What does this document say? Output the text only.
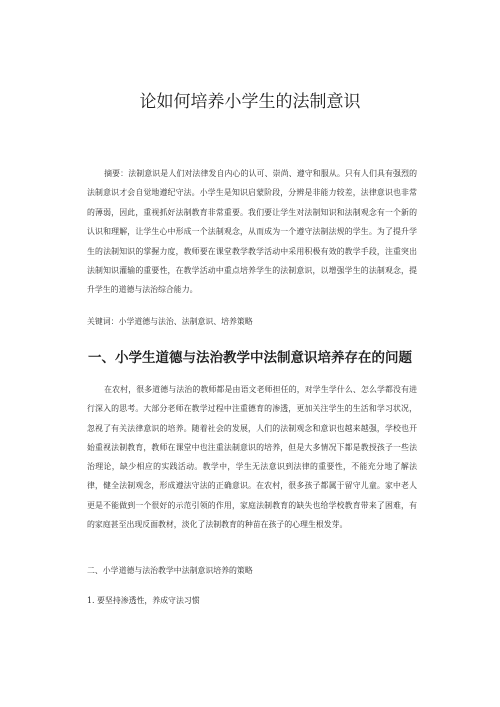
论如何培养小学生的法制意识

摘要：法制意识是人们对法律发自内心的认可、崇尚、遵守和服从。只有人们具有强烈的法制意识才会自觉地遵纪守法。小学生是知识启蒙阶段，分辨是非能力较差，法律意识也非常的薄弱，因此，重视抓好法制教育非常重要。我们要让学生对法制知识和法制观念有一个新的认识和理解，让学生心中形成一个法制观念，从而成为一个遵守法制法规的学生。为了提升学生的法制知识的掌握力度，教师要在课堂教学教学活动中采用积极有效的教学手段，注重突出法制知识灌输的重要性，在教学活动中重点培养学生的法制意识，以增强学生的法制观念，提升学生的道德与法治综合能力。

关键词：小学道德与法治、法制意识、培养策略

一、小学生道德与法治教学中法制意识培养存在的问题

在农村，很多道德与法治的教师都是由语文老师担任的，对学生学什么、怎么学都没有进行深入的思考。大部分老师在教学过程中注重德育的渗透，更加关注学生的生活和学习状况，忽视了有关法律意识的培养。随着社会的发展，人们的法制观念和意识也越来越强，学校也开始重视法制教育，教师在课堂中也注重法制意识的培养，但是大多情况下都是教授孩子一些法治理论，缺少相应的实践活动。教学中，学生无法意识到法律的重要性，不能充分地了解法律，健全法制观念，形成遵法守法的正确意识。在农村，很多孩子都属于留守儿童。家中老人更是不能做到一个很好的示范引领的作用，家庭法制教育的缺失也给学校教育带来了困难，有的家庭甚至出现反面教材，淡化了法制教育的种苗在孩子的心理生根发芽。

二、小学道德与法治教学中法制意识培养的策略

1. 要坚持渗透性，养成守法习惯
